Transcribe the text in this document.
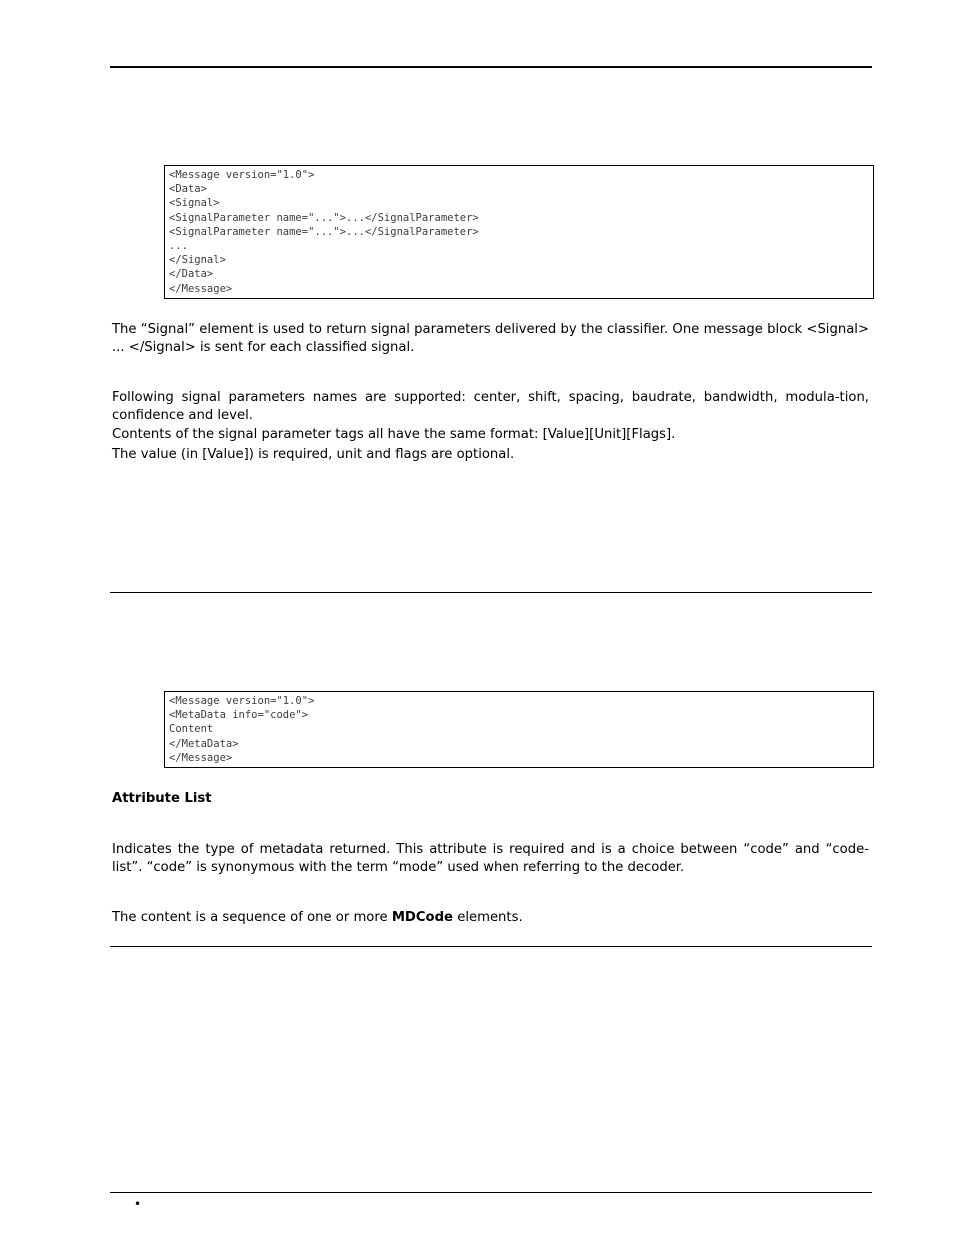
<Message version="1.0">
<Data>
<Signal>
<SignalParameter name="...">...</SignalParameter>
<SignalParameter name="...">...</SignalParameter>
...
</Signal>
</Data>
</Message>

The “Signal” element is used to return signal parameters delivered by the classifier. One message block <Signal> ... </Signal> is sent for each classified signal.

Following signal parameters names are supported: center, shift, spacing, baudrate, bandwidth, modula-tion, confidence and level.

Contents of the signal parameter tags all have the same format: [Value][Unit][Flags].

The value (in [Value]) is required, unit and flags are optional.

<Message version="1.0">
<MetaData info="code">
Content
</MetaData>
</Message>

Attribute List

Indicates the type of metadata returned. This attribute is required and is a choice between “code” and “code-list”. “code” is synonymous with the term “mode” used when referring to the decoder.

The content is a sequence of one or more MDCode elements.

•
